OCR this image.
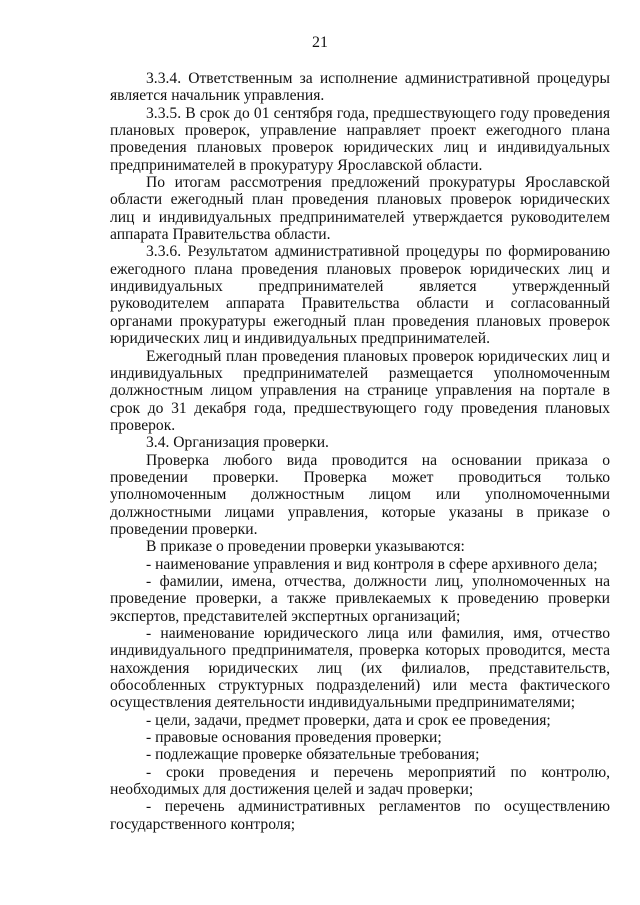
21

3.3.4. Ответственным за исполнение административной процедуры является начальник управления.

3.3.5. В срок до 01 сентября года, предшествующего году проведения плановых проверок, управление направляет проект ежегодного плана проведения плановых проверок юридических лиц и индивидуальных предпринимателей в прокуратуру Ярославской области.

По итогам рассмотрения предложений прокуратуры Ярославской области ежегодный план проведения плановых проверок юридических лиц и индивидуальных предпринимателей утверждается руководителем аппарата Правительства области.

3.3.6. Результатом административной процедуры по формированию ежегодного плана проведения плановых проверок юридических лиц и индивидуальных предпринимателей является утвержденный руководителем аппарата Правительства области и согласованный органами прокуратуры ежегодный план проведения плановых проверок юридических лиц и индивидуальных предпринимателей.

Ежегодный план проведения плановых проверок юридических лиц и индивидуальных предпринимателей размещается уполномоченным должностным лицом управления на странице управления на портале в срок до 31 декабря года, предшествующего году проведения плановых проверок.

3.4. Организация проверки.

Проверка любого вида проводится на основании приказа о проведении проверки. Проверка может проводиться только уполномоченным должностным лицом или уполномоченными должностными лицами управления, которые указаны в приказе о проведении проверки.

В приказе о проведении проверки указываются:

- наименование управления и вид контроля в сфере архивного дела;

- фамилии, имена, отчества, должности лиц, уполномоченных на проведение проверки, а также привлекаемых к проведению проверки экспертов, представителей экспертных организаций;

- наименование юридического лица или фамилия, имя, отчество индивидуального предпринимателя, проверка которых проводится, места нахождения юридических лиц (их филиалов, представительств, обособленных структурных подразделений) или места фактического осуществления деятельности индивидуальными предпринимателями;

- цели, задачи, предмет проверки, дата и срок ее проведения;

- правовые основания проведения проверки;

- подлежащие проверке обязательные требования;

- сроки проведения и перечень мероприятий по контролю, необходимых для достижения целей и задач проверки;

- перечень административных регламентов по осуществлению государственного контроля;
